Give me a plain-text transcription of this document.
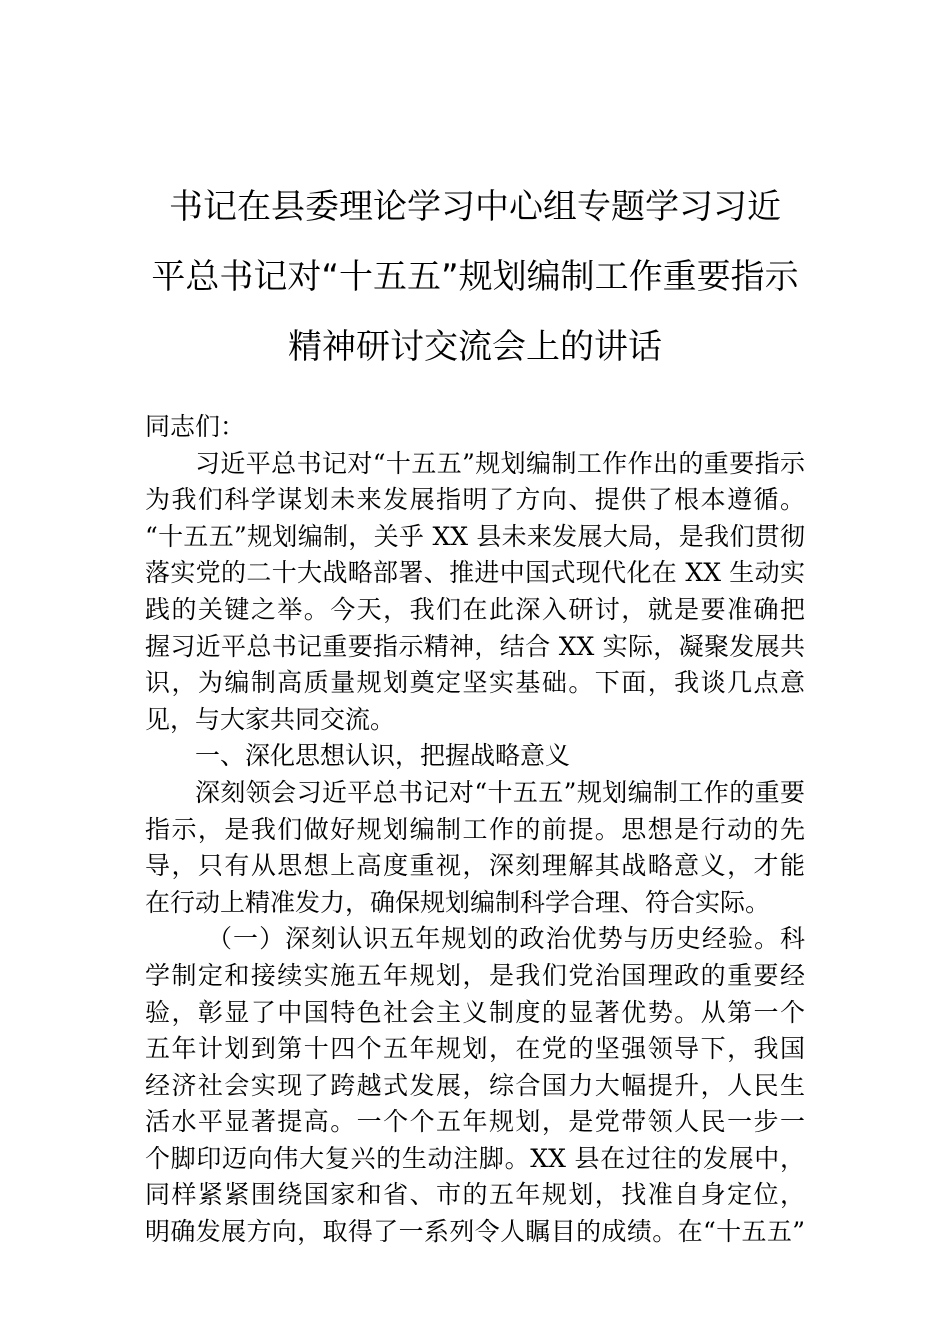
书记在县委理论学习中心组专题学习习近
平总书记对“十五五”规划编制工作重要指示
精神研讨交流会上的讲话

同志们：

习近平总书记对“十五五”规划编制工作作出的重要指示
为我们科学谋划未来发展指明了方向、提供了根本遵循。
“十五五”规划编制，关乎 XX 县未来发展大局，是我们贯彻
落实党的二十大战略部署、推进中国式现代化在 XX 生动实
践的关键之举。今天，我们在此深入研讨，就是要准确把
握习近平总书记重要指示精神，结合 XX 实际，凝聚发展共
识，为编制高质量规划奠定坚实基础。下面，我谈几点意
见，与大家共同交流。

一、深化思想认识，把握战略意义

深刻领会习近平总书记对“十五五”规划编制工作的重要
指示，是我们做好规划编制工作的前提。思想是行动的先
导，只有从思想上高度重视，深刻理解其战略意义，才能
在行动上精准发力，确保规划编制科学合理、符合实际。

（一）深刻认识五年规划的政治优势与历史经验。科
学制定和接续实施五年规划，是我们党治国理政的重要经
验，彰显了中国特色社会主义制度的显著优势。从第一个
五年计划到第十四个五年规划，在党的坚强领导下，我国
经济社会实现了跨越式发展，综合国力大幅提升，人民生
活水平显著提高。一个个五年规划，是党带领人民一步一
个脚印迈向伟大复兴的生动注脚。XX 县在过往的发展中，
同样紧紧围绕国家和省、市的五年规划，找准自身定位，
明确发展方向，取得了一系列令人瞩目的成绩。在“十五五”
